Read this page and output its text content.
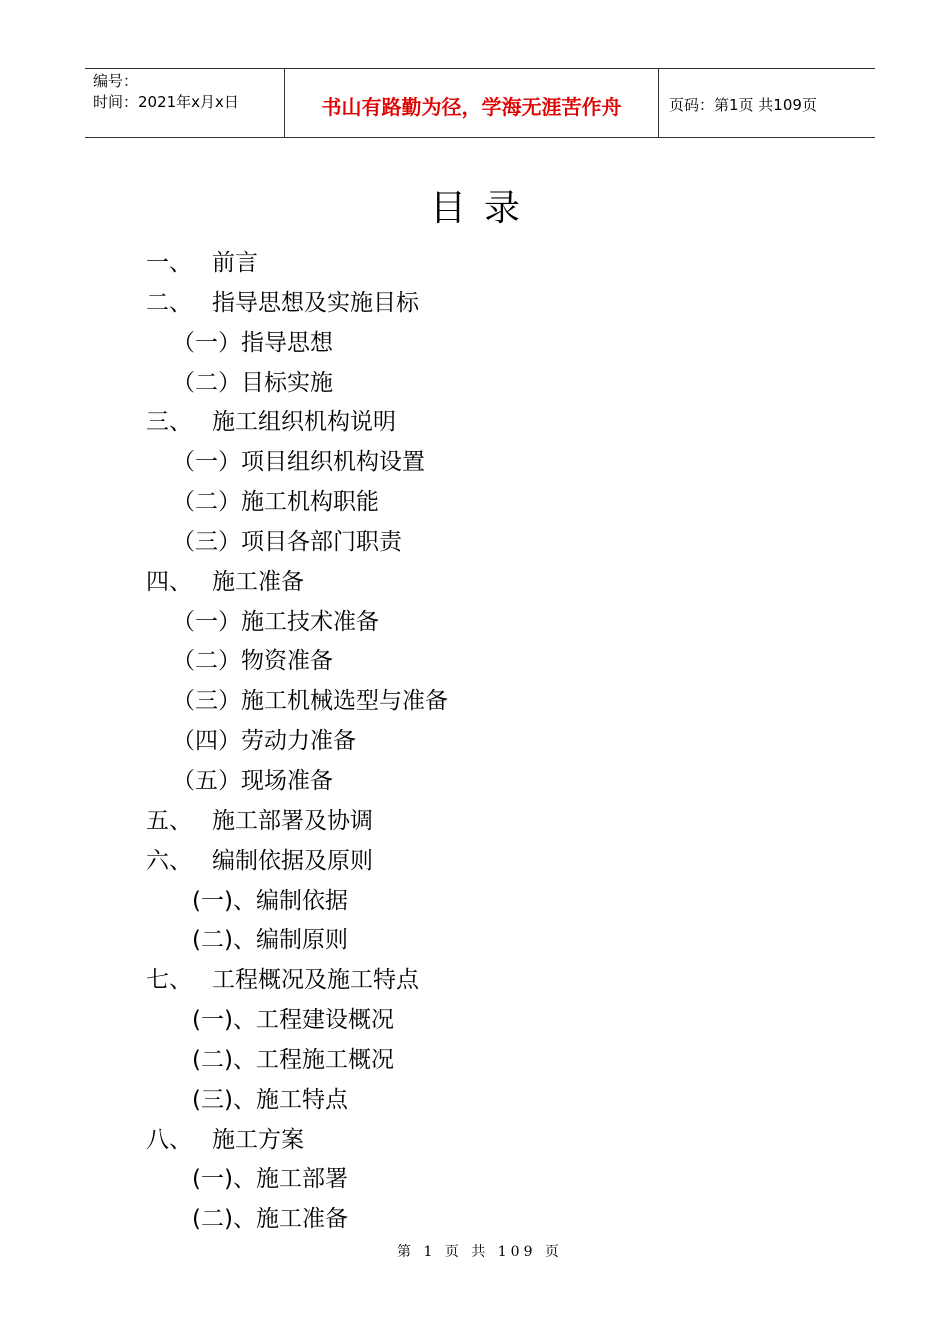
编号：
时间：2021年x月x日	书山有路勤为径，学海无涯苦作舟	页码：第1页 共109页
目录
一、 前言
二、 指导思想及实施目标
（一）指导思想
（二）目标实施
三、 施工组织机构说明
（一）项目组织机构设置
（二）施工机构职能
（三）项目各部门职责
四、 施工准备
（一）施工技术准备
（二）物资准备
（三）施工机械选型与准备
（四）劳动力准备
（五）现场准备
五、 施工部署及协调
六、 编制依据及原则
(一)、编制依据
(二)、编制原则
七、 工程概况及施工特点
(一)、工程建设概况
(二)、工程施工概况
(三)、施工特点
八、 施工方案
(一)、施工部署
(二)、施工准备
第 1 页 共 109 页
